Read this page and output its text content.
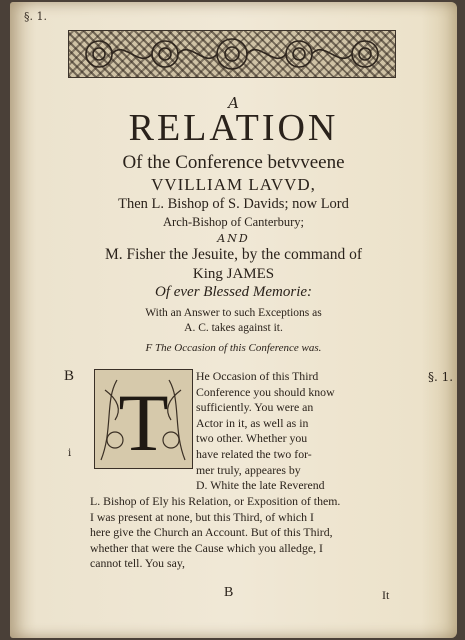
§. 1.
A
RELATION
Of the Conference betvveene
VVILLIAM LAVVD,
Then L. Bishop of S. Davids; now Lord
Arch-Bishop of Canterbury;
AND
M. Fisher the Jesuite, by the command of
King JAMES
Of ever Blessed Memorie:
With an Answer to such Exceptions as
A. C. takes against it.
F The Occasion of this Conference was.
B	§. 1.
i T
He Occasion of this Third
Conference you should know
sufficiently. You were an
Actor in it, as well as in
two other. Whether you
have related the two for-
mer truly, appeares by
D. White the late Reverend
L. Bishop of Ely his Relation, or Exposition of them.
I was present at none, but this Third, of which I
here give the Church an Account. But of this Third,
whether that were the Cause which you alledge, I
cannot tell. You say,
B	It
